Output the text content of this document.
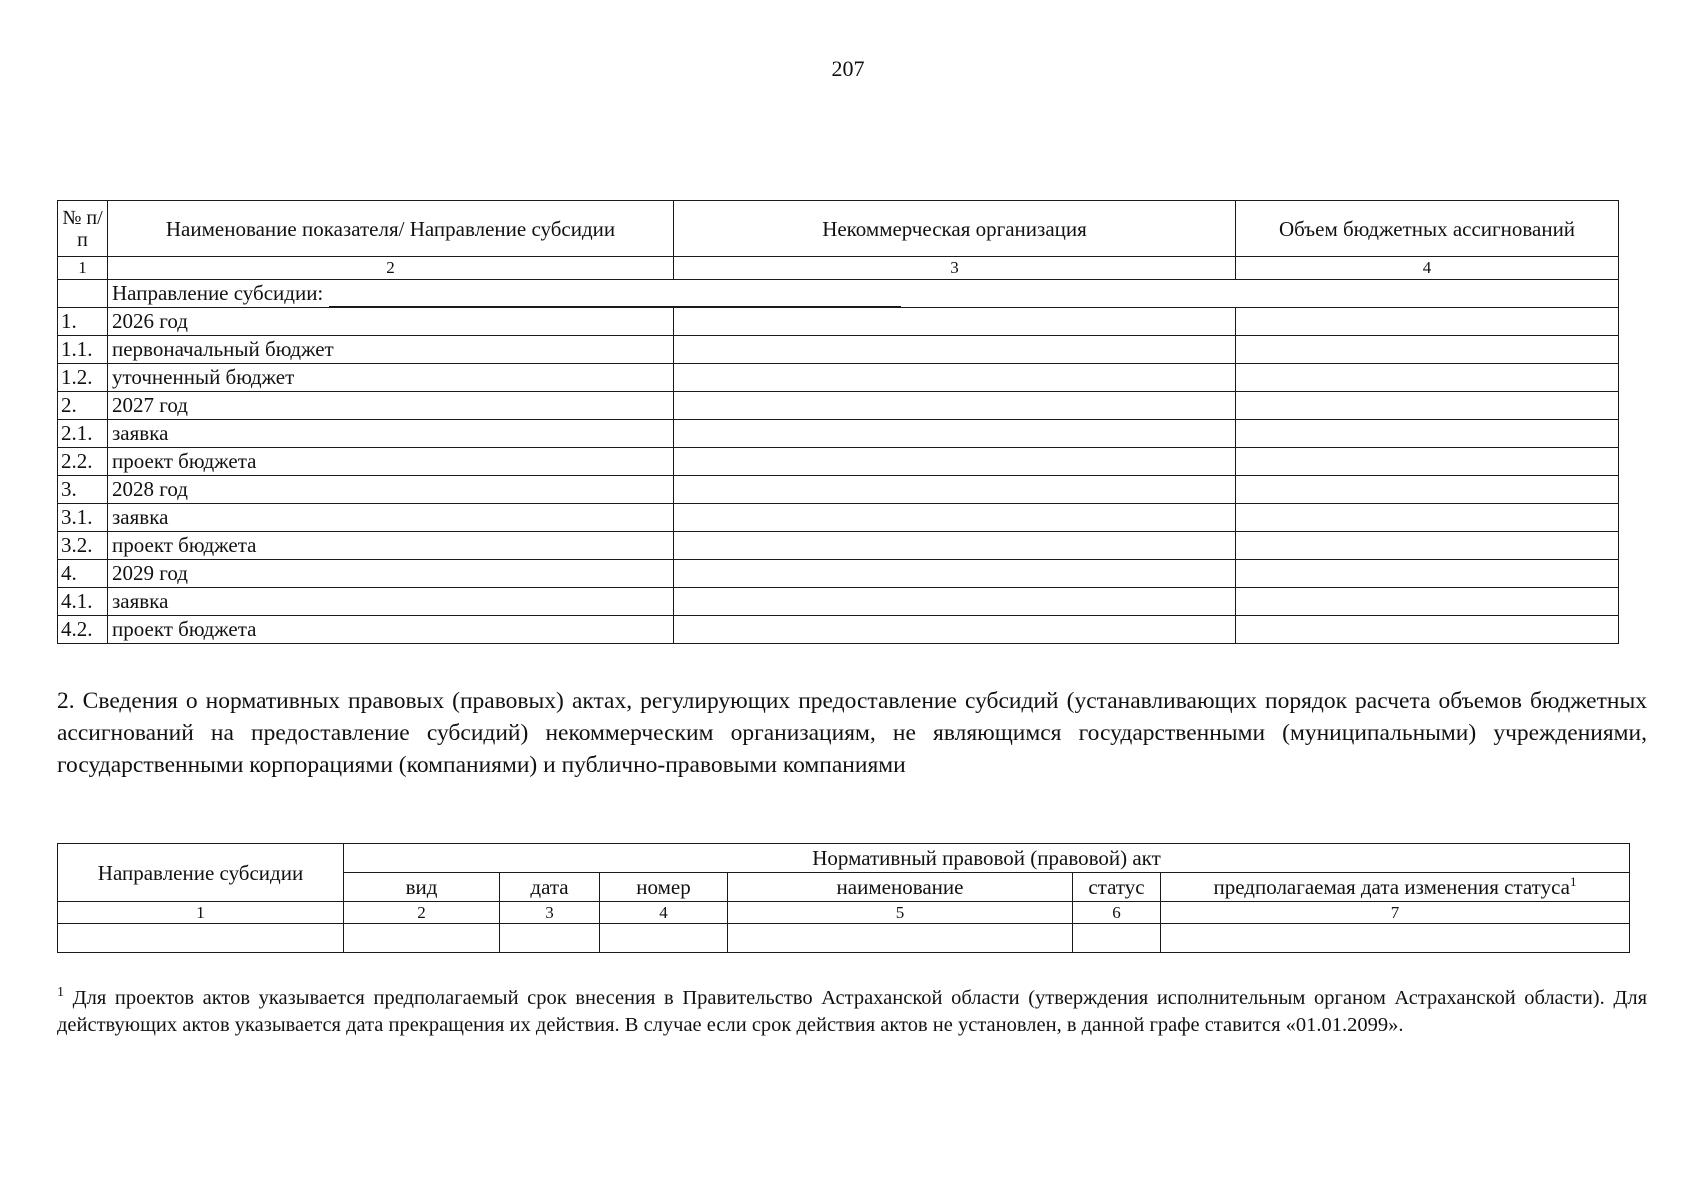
207
№ п/п	Наименование показателя/ Направление субсидии	Некоммерческая организация	Объем бюджетных ассигнований
1	2	3	4
	Направление субсидии:		
1.	2026 год		
1.1.	первоначальный бюджет		
1.2.	уточненный бюджет		
2.	2027 год		
2.1.	заявка		
2.2.	проект бюджета		
3.	2028 год		
3.1.	заявка		
3.2.	проект бюджета		
4.	2029 год		
4.1.	заявка		
4.2.	проект бюджета		
2. Сведения о нормативных правовых (правовых) актах, регулирующих предоставление субсидий (устанавливающих порядок расчета объемов бюджетных ассигнований на предоставление субсидий) некоммерческим организациям, не являющимся государственными (муниципальными) учреждениями, государственными корпорациями (компаниями) и публично-правовыми компаниями
Направление субсидии	Нормативный правовой (правовой) акт					
	вид	дата	номер	наименование	статус	предполагаемая дата изменения статуса$^1$
1	2	3	4	5	6	7

$^1$ Для проектов актов указывается предполагаемый срок внесения в Правительство Астраханской области (утверждения исполнительным органом Астраханской области). Для действующих актов указывается дата прекращения их действия. В случае если срок действия актов не установлен, в данной графе ставится «01.01.2099».
